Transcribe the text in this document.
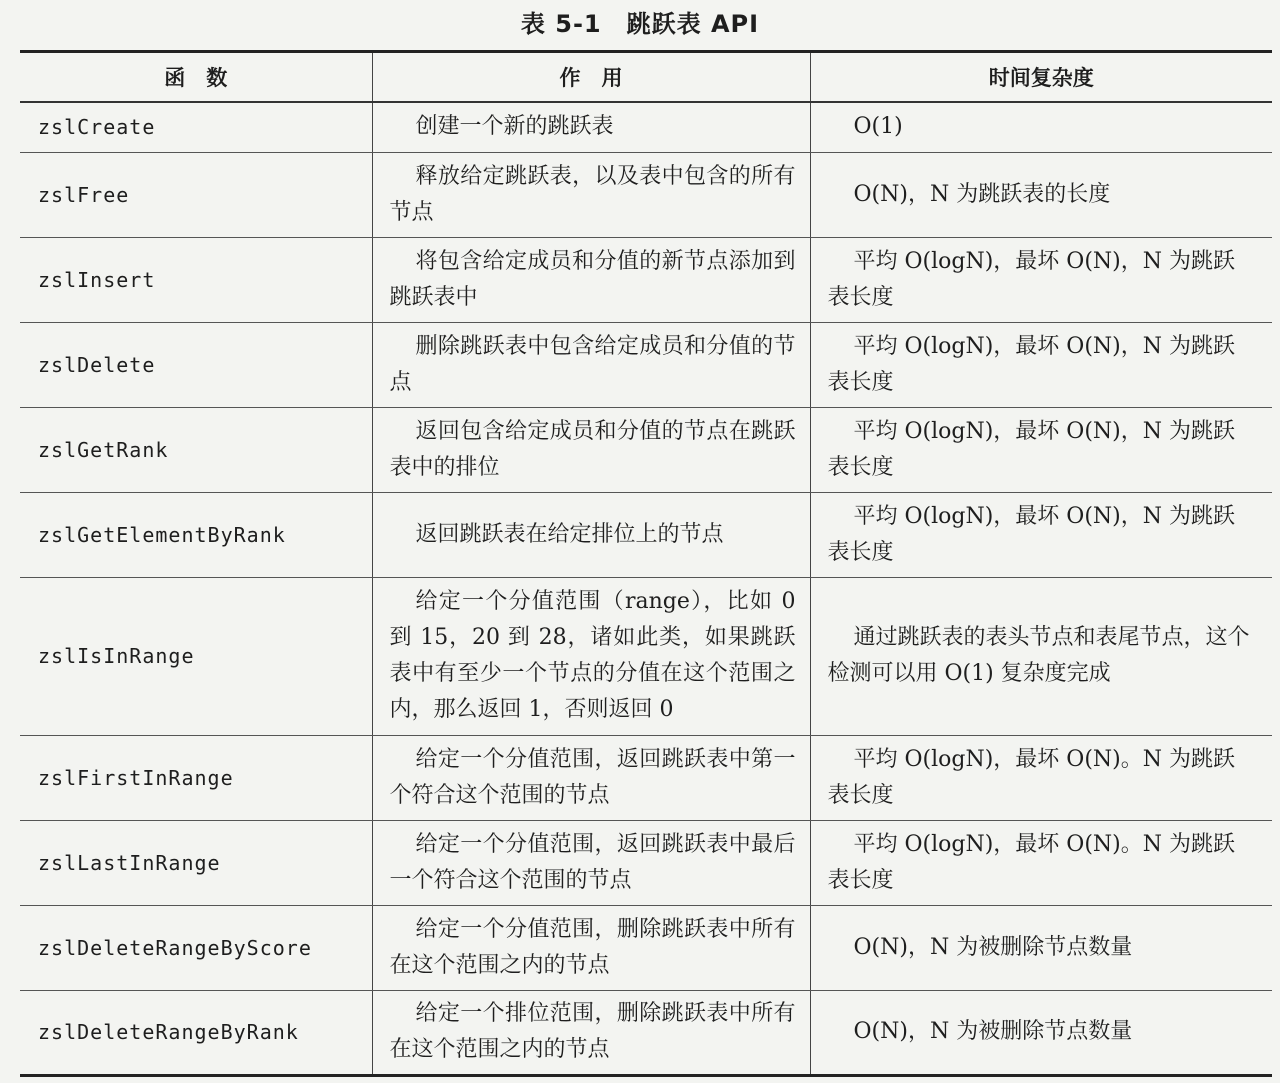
表 5-1　跳跃表 API
函　数	作　用	时间复杂度
zslCreate	创建一个新的跳跃表	O(1)
zslFree	释放给定跳跃表，以及表中包含的所有节点	O(N)，N 为跳跃表的长度
zslInsert	将包含给定成员和分值的新节点添加到跳跃表中	平均 O(logN)，最坏 O(N)，N 为跳跃表长度
zslDelete	删除跳跃表中包含给定成员和分值的节点	平均 O(logN)，最坏 O(N)，N 为跳跃表长度
zslGetRank	返回包含给定成员和分值的节点在跳跃表中的排位	平均 O(logN)，最坏 O(N)，N 为跳跃表长度
zslGetElementByRank	返回跳跃表在给定排位上的节点	平均 O(logN)，最坏 O(N)，N 为跳跃表长度
zslIsInRange	给定一个分值范围（range），比如 0 到 15，20 到 28，诸如此类，如果跳跃表中有至少一个节点的分值在这个范围之内，那么返回 1，否则返回 0	通过跳跃表的表头节点和表尾节点，这个检测可以用 O(1) 复杂度完成
zslFirstInRange	给定一个分值范围，返回跳跃表中第一个符合这个范围的节点	平均 O(logN)，最坏 O(N)。N 为跳跃表长度
zslLastInRange	给定一个分值范围，返回跳跃表中最后一个符合这个范围的节点	平均 O(logN)，最坏 O(N)。N 为跳跃表长度
zslDeleteRangeByScore	给定一个分值范围，删除跳跃表中所有在这个范围之内的节点	O(N)，N 为被删除节点数量
zslDeleteRangeByRank	给定一个排位范围，删除跳跃表中所有在这个范围之内的节点	O(N)，N 为被删除节点数量
